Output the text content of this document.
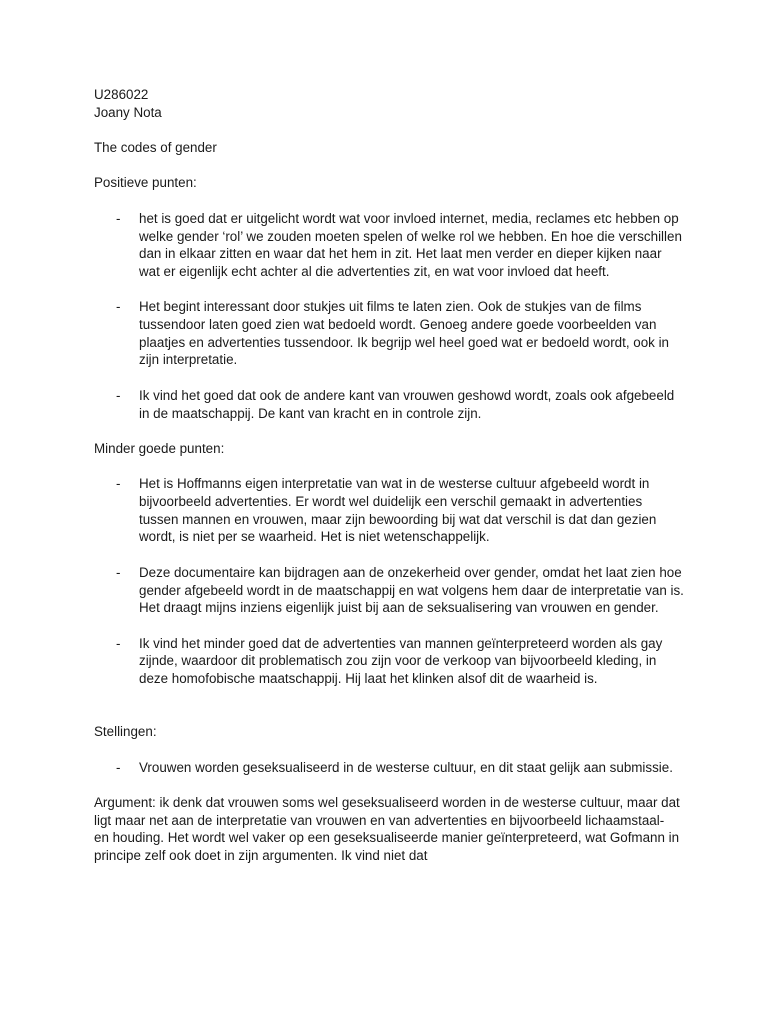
U286022

Joany Nota

The codes of gender

Positieve punten:

- het is goed dat er uitgelicht wordt wat voor invloed internet, media, reclames etc hebben op welke gender ‘rol’ we zouden moeten spelen of welke rol we hebben. En hoe die verschillen dan in elkaar zitten en waar dat het hem in zit. Het laat men verder en dieper kijken naar wat er eigenlijk echt achter al die advertenties zit, en wat voor invloed dat heeft.

- Het begint interessant door stukjes uit films te laten zien. Ook de stukjes van de films tussendoor laten goed zien wat bedoeld wordt. Genoeg andere goede voorbeelden van plaatjes en advertenties tussendoor. Ik begrijp wel heel goed wat er bedoeld wordt, ook in zijn interpretatie.

- Ik vind het goed dat ook de andere kant van vrouwen geshowd wordt, zoals ook afgebeeld in de maatschappij. De kant van kracht en in controle zijn.

Minder goede punten:

- Het is Hoffmanns eigen interpretatie van wat in de westerse cultuur afgebeeld wordt in bijvoorbeeld advertenties. Er wordt wel duidelijk een verschil gemaakt in advertenties tussen mannen en vrouwen, maar zijn bewoording bij wat dat verschil is dat dan gezien wordt, is niet per se waarheid. Het is niet wetenschappelijk.

- Deze documentaire kan bijdragen aan de onzekerheid over gender, omdat het laat zien hoe gender afgebeeld wordt in de maatschappij en wat volgens hem daar de interpretatie van is. Het draagt mijns inziens eigenlijk juist bij aan de seksualisering van vrouwen en gender.

- Ik vind het minder goed dat de advertenties van mannen geïnterpreteerd worden als gay zijnde, waardoor dit problematisch zou zijn voor de verkoop van bijvoorbeeld kleding, in deze homofobische maatschappij. Hij laat het klinken alsof dit de waarheid is.

Stellingen:

- Vrouwen worden geseksualiseerd in de westerse cultuur, en dit staat gelijk aan submissie.

Argument: ik denk dat vrouwen soms wel geseksualiseerd worden in de westerse cultuur, maar dat ligt maar net aan de interpretatie van vrouwen en van advertenties en bijvoorbeeld lichaamstaal- en houding. Het wordt wel vaker op een geseksualiseerde manier geïnterpreteerd, wat Gofmann in principe zelf ook doet in zijn argumenten. Ik vind niet dat
